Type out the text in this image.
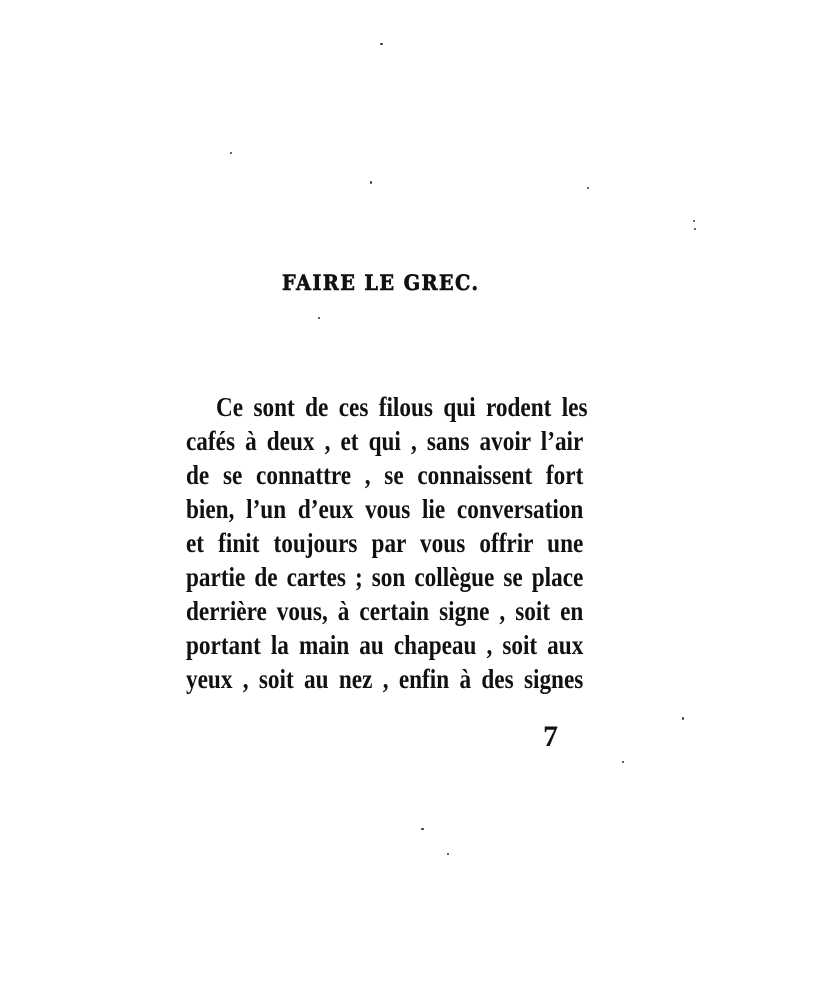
FAIRE LE GREC.
Ce sont de ces filous qui rodent les
cafés à deux , et qui , sans avoir l’air
de se connattre , se connaissent fort
bien, l’un d’eux vous lie conversation
et finit toujours par vous offrir une
partie de cartes ; son collègue se place
derrière vous, à certain signe , soit en
portant la main au chapeau , soit aux
yeux , soit au nez , enfin à des signes
7
